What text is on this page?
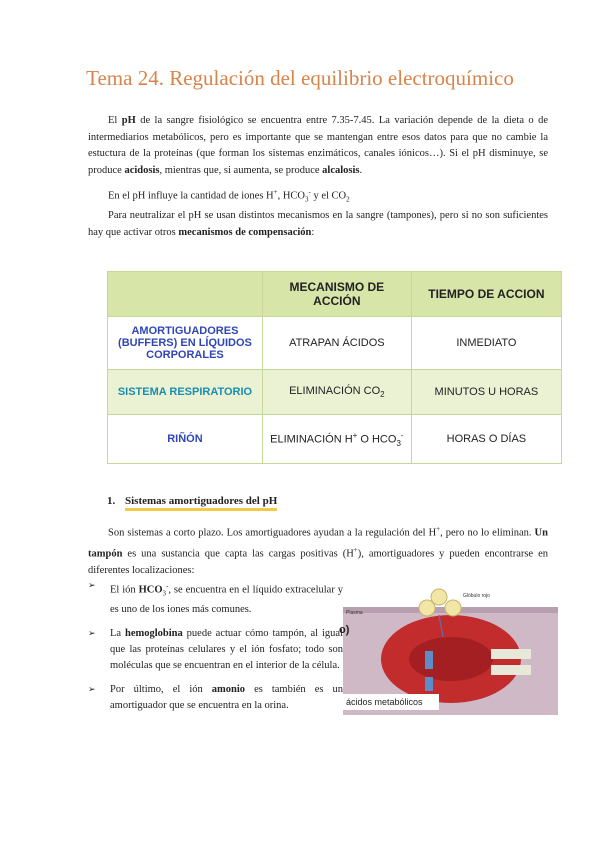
Tema 24. Regulación del equilibrio electroquímico
El pH de la sangre fisiológico se encuentra entre 7.35-7.45. La variación depende de la dieta o de intermediarios metabólicos, pero es importante que se mantengan entre esos datos para que no cambie la estuctura de la proteínas (que forman los sistemas enzimáticos, canales iónicos…). Si el pH disminuye, se produce acidosis, mientras que, si aumenta, se produce alcalosis.
En el pH influye la cantidad de iones H+, $HCO_3^-$ y el $CO_2$
Para neutralizar el pH se usan distintos mecanismos en la sangre (tampones), pero si no son suficientes hay que activar otros mecanismos de compensación:
	MECANISMO DE ACCIÓN	TIEMPO DE ACCION
AMORTIGUADORES (BUFFERS) EN LÍQUIDOS CORPORALES	ATRAPAN ÁCIDOS	INMEDIATO
SISTEMA RESPIRATORIO	ELIMINACIÓN $CO_2$	MINUTOS U HORAS
RIÑÓN	ELIMINACIÓN H+ O $HCO_3^-$	HORAS O DÍAS
1. Sistemas amortiguadores del pH
Son sistemas a corto plazo. Los amortiguadores ayudan a la regulación del H+, pero no lo eliminan. Un tampón es una sustancia que capta las cargas positivas (H+), amortiguadores y pueden encontrarse en diferentes localizaciones:
➢ El ión $HCO_3^-$, se encuentra en el líquido extracelular y es uno de los iones más comunes.
➢ La hemoglobina puede actuar cómo tampón, al igual que las proteínas celulares y el ión fosfato; todo son moléculas que se encuentran en el interior de la célula.
➢ Por último, el ión amonio es también es un amortiguador que se encuentra en la orina.
o)
ácidos metabólicos
Glóbulo rojo
Plasma
